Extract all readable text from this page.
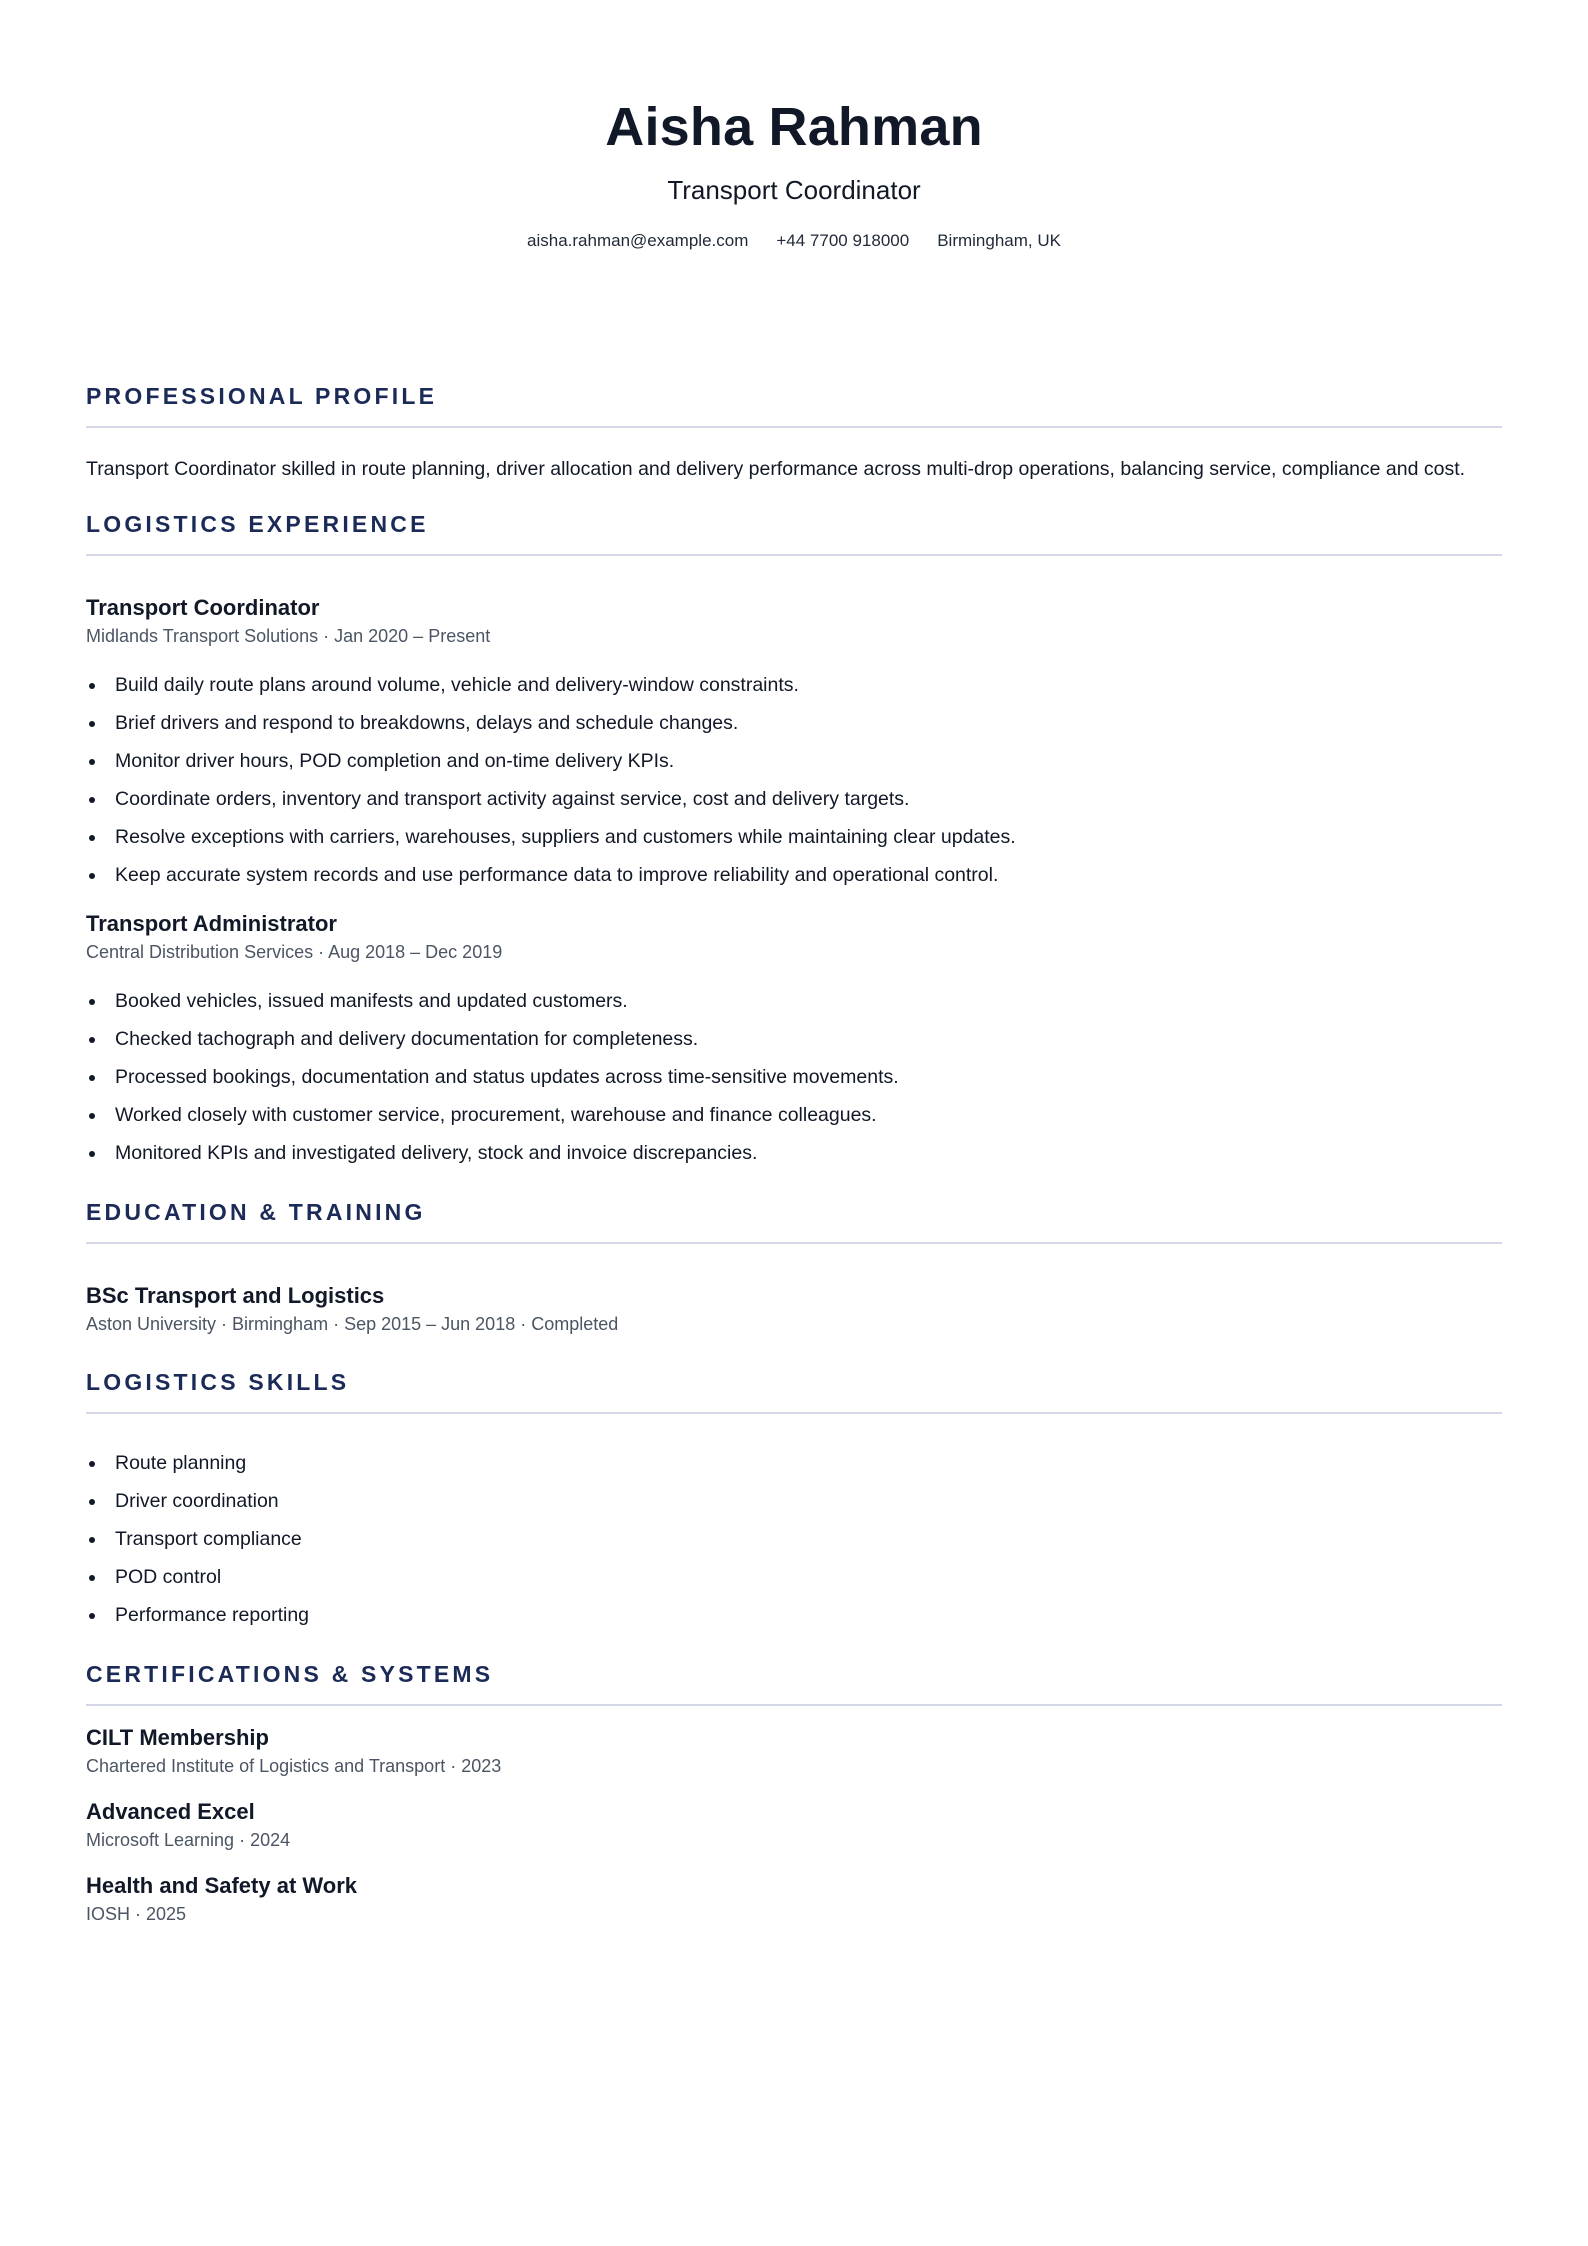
Aisha Rahman
Transport Coordinator
aisha.rahman@example.com +44 7700 918000 Birmingham, UK
PROFESSIONAL PROFILE
Transport Coordinator skilled in route planning, driver allocation and delivery performance across multi-drop operations, balancing service, compliance and cost.
LOGISTICS EXPERIENCE
Transport Coordinator
Midlands Transport Solutions · Jan 2020 – Present
Build daily route plans around volume, vehicle and delivery-window constraints.
Brief drivers and respond to breakdowns, delays and schedule changes.
Monitor driver hours, POD completion and on-time delivery KPIs.
Coordinate orders, inventory and transport activity against service, cost and delivery targets.
Resolve exceptions with carriers, warehouses, suppliers and customers while maintaining clear updates.
Keep accurate system records and use performance data to improve reliability and operational control.
Transport Administrator
Central Distribution Services · Aug 2018 – Dec 2019
Booked vehicles, issued manifests and updated customers.
Checked tachograph and delivery documentation for completeness.
Processed bookings, documentation and status updates across time-sensitive movements.
Worked closely with customer service, procurement, warehouse and finance colleagues.
Monitored KPIs and investigated delivery, stock and invoice discrepancies.
EDUCATION & TRAINING
BSc Transport and Logistics
Aston University · Birmingham · Sep 2015 – Jun 2018 · Completed
LOGISTICS SKILLS
Route planning
Driver coordination
Transport compliance
POD control
Performance reporting
CERTIFICATIONS & SYSTEMS
CILT Membership
Chartered Institute of Logistics and Transport · 2023
Advanced Excel
Microsoft Learning · 2024
Health and Safety at Work
IOSH · 2025
